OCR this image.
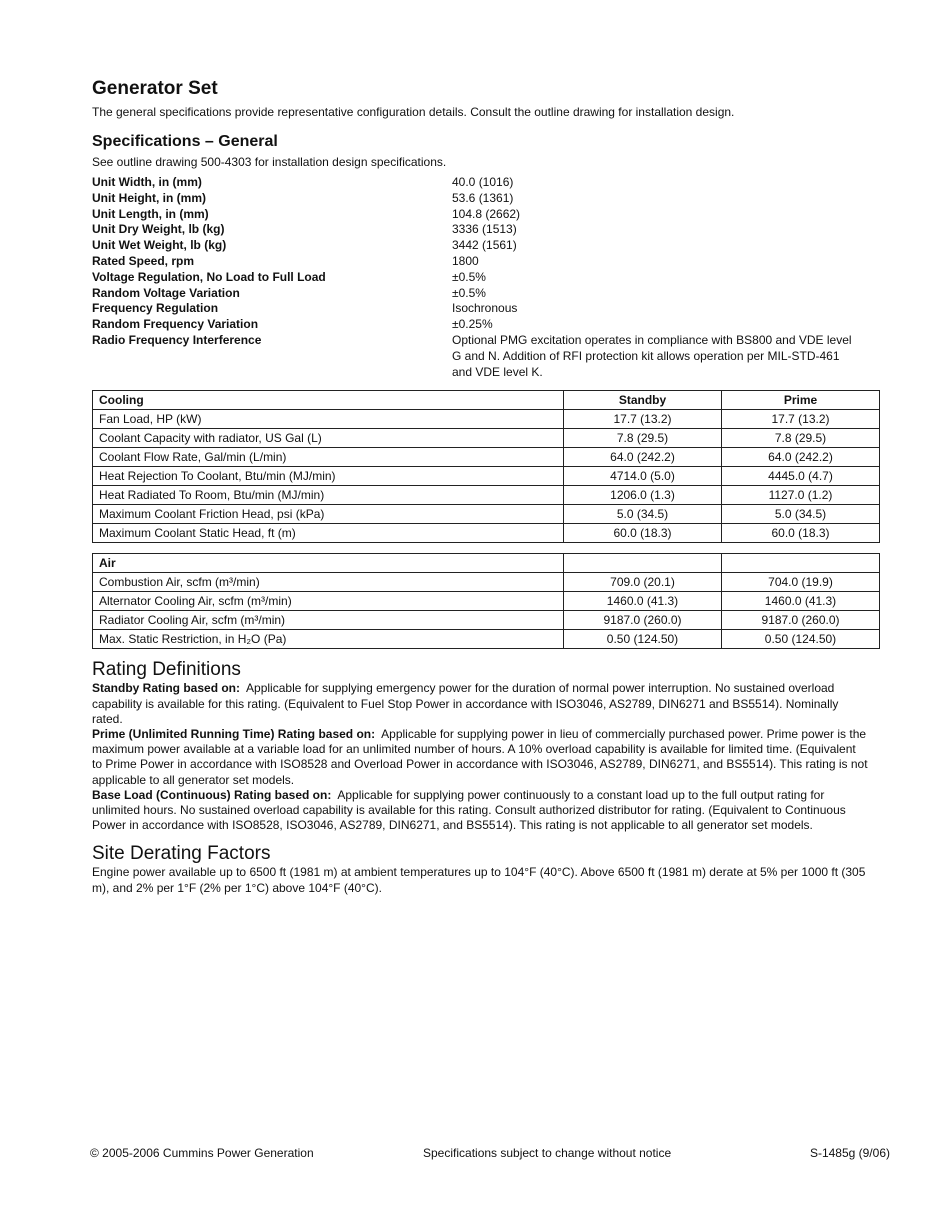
Generator Set

The general specifications provide representative configuration details. Consult the outline drawing for installation design.

Specifications – General

See outline drawing 500-4303 for installation design specifications.

Unit Width, in (mm)	40.0 (1016)
Unit Height, in (mm)	53.6 (1361)
Unit Length, in (mm)	104.8 (2662)
Unit Dry Weight, lb (kg)	3336 (1513)
Unit Wet Weight, lb (kg)	3442 (1561)
Rated Speed, rpm	1800
Voltage Regulation, No Load to Full Load	±0.5%
Random Voltage Variation	±0.5%
Frequency Regulation	Isochronous
Random Frequency Variation	±0.25%
Radio Frequency Interference	Optional PMG excitation operates in compliance with BS800 and VDE level G and N. Addition of RFI protection kit allows operation per MIL-STD-461 and VDE level K.
Cooling	Standby	Prime
Fan Load, HP (kW)	17.7 (13.2)	17.7 (13.2)
Coolant Capacity with radiator, US Gal (L)	7.8 (29.5)	7.8 (29.5)
Coolant Flow Rate, Gal/min (L/min)	64.0 (242.2)	64.0 (242.2)
Heat Rejection To Coolant, Btu/min (MJ/min)	4714.0 (5.0)	4445.0 (4.7)
Heat Radiated To Room, Btu/min (MJ/min)	1206.0 (1.3)	1127.0 (1.2)
Maximum Coolant Friction Head, psi (kPa)	5.0 (34.5)	5.0 (34.5)
Maximum Coolant Static Head, ft (m)	60.0 (18.3)	60.0 (18.3)
Air		
Combustion Air, scfm (m³/min)	709.0 (20.1)	704.0 (19.9)
Alternator Cooling Air, scfm (m³/min)	1460.0 (41.3)	1460.0 (41.3)
Radiator Cooling Air, scfm (m³/min)	9187.0 (260.0)	9187.0 (260.0)
Max. Static Restriction, in H₂O (Pa)	0.50 (124.50)	0.50 (124.50)
Rating Definitions

Standby Rating based on: Applicable for supplying emergency power for the duration of normal power interruption. No sustained overload capability is available for this rating. (Equivalent to Fuel Stop Power in accordance with ISO3046, AS2789, DIN6271 and BS5514). Nominally rated.

Prime (Unlimited Running Time) Rating based on: Applicable for supplying power in lieu of commercially purchased power. Prime power is the maximum power available at a variable load for an unlimited number of hours. A 10% overload capability is available for limited time. (Equivalent to Prime Power in accordance with ISO8528 and Overload Power in accordance with ISO3046, AS2789, DIN6271, and BS5514). This rating is not applicable to all generator set models.

Base Load (Continuous) Rating based on: Applicable for supplying power continuously to a constant load up to the full output rating for unlimited hours. No sustained overload capability is available for this rating. Consult authorized distributor for rating. (Equivalent to Continuous Power in accordance with ISO8528, ISO3046, AS2789, DIN6271, and BS5514). This rating is not applicable to all generator set models.

Site Derating Factors

Engine power available up to 6500 ft (1981 m) at ambient temperatures up to 104°F (40°C). Above 6500 ft (1981 m) derate at 5% per 1000 ft (305 m), and 2% per 1°F (2% per 1°C) above 104°F (40°C).

© 2005-2006 Cummins Power Generation	Specifications subject to change without notice	S-1485g (9/06)
